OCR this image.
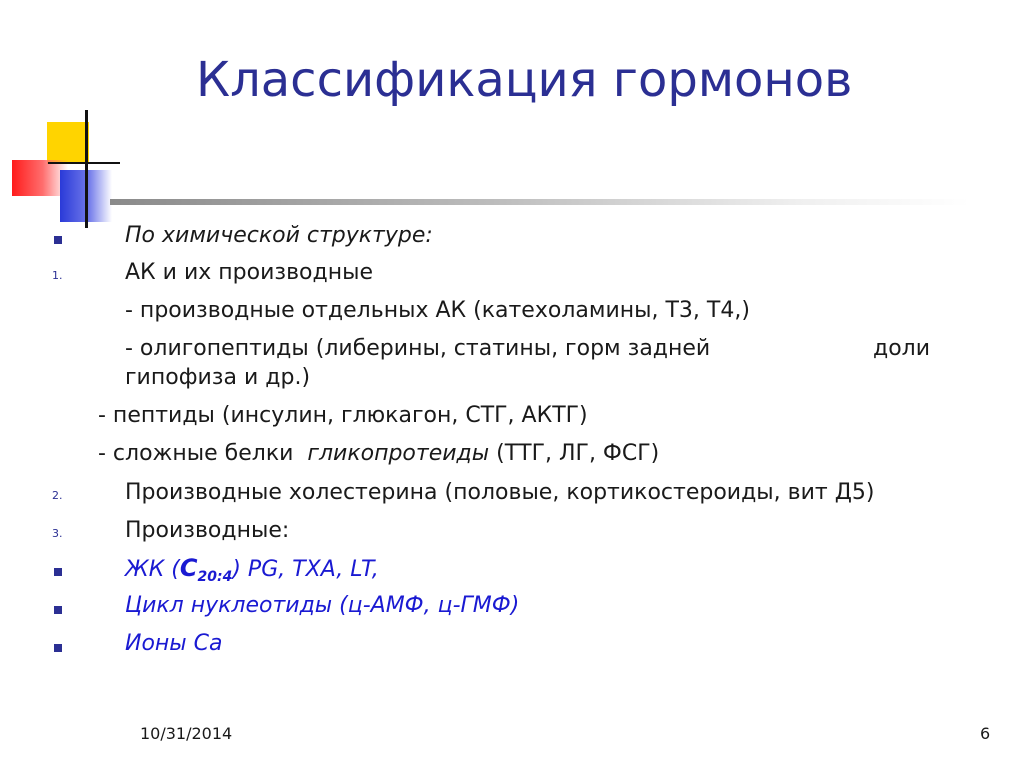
Классификация гормонов
По химической структуре:
1.	АК и их производные
- производные отдельных АК (катехоламины, Т3, Т4,)
- олигопептиды (либерины, статины, горм задней	доли
гипофиза и др.)
- пептиды (инсулин, глюкагон, СТГ, АКТГ)
- сложные белки гликопротеиды (ТТГ, ЛГ, ФСГ)
2.	Производные холестерина (половые, кортикостероиды, вит Д5)
3.	Производные:
ЖК $(С_{20:4})$ PG, TXA, LT,
Цикл нуклеотиды (ц-АМФ, ц-ГМФ)
Ионы Са
10/31/2014	6
